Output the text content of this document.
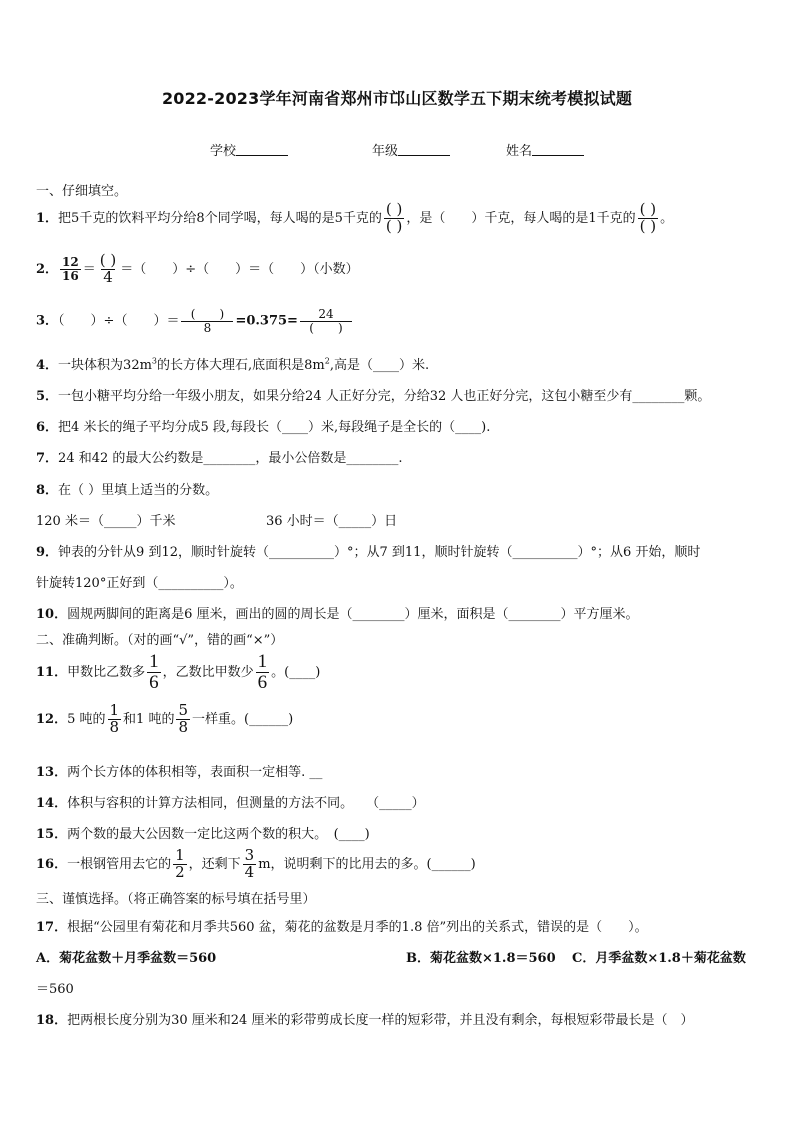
2022-2023学年河南省郑州市邙山区数学五下期末统考模拟试题
学校	年级	姓名
一、仔细填空。
1．把5千克的饮料平均分给8个同学喝，每人喝的是5千克的 $\frac{( )}{( )}$ ，是（　　）千克，每人喝的是1千克的 $\frac{( )}{( )}$ 。
2． $\frac{12}{16} = \frac{( )}{4}$ ＝（　　）÷（　　）＝（　　）（小数）
3．（　　）÷（　　）＝ $\frac{( )}{8} =0.375= \frac{24}{( )}$
4．一块体积为$32m^3$的长方体大理石,底面积是$8m^2$,高是（____）米.
5．一包小糖平均分给一年级小朋友，如果分给24 人正好分完，分给32 人也正好分完，这包小糖至少有________颗。
6．把4 米长的绳子平均分成5 段,每段长（____）米,每段绳子是全长的（____).
7．24 和42 的最大公约数是________，最小公倍数是________.
8．在（ ）里填上适当的分数。
120 米＝（_____）千米	36 小时＝（_____）日
9．钟表的分针从9 到12，顺时针旋转（__________）°；从7 到11，顺时针旋转（__________）°；从6 开始，顺时
针旋转120°正好到（__________）。
10．圆规两脚间的距离是6 厘米，画出的圆的周长是（________）厘米，面积是（________）平方厘米。
二、准确判断。（对的画“√”，错的画“×”）
11．甲数比乙数多 $\frac{1}{6}$ ，乙数比甲数少 $\frac{1}{6}$ 。(____)
12．5 吨的 $\frac{1}{8}$ 和1 吨的 $\frac{5}{8}$ 一样重。(______)
13．两个长方体的体积相等，表面积一定相等. __
14．体积与容积的计算方法相同，但测量的方法不同。　　（_____）
15．两个数的最大公因数一定比这两个数的积大。　(____)
16．一根钢管用去它的 $\frac{1}{2}$ ，还剩下 $\frac{3}{4}$ m，说明剩下的比用去的多。(______)
三、谨慎选择。（将正确答案的标号填在括号里）
17．根据“公园里有菊花和月季共560 盆，菊花的盆数是月季的1.8 倍”列出的关系式，错误的是（　　）。
A．菊花盆数＋月季盆数＝560	B．菊花盆数×1.8＝560 C．月季盆数×1.8＋菊花盆数
＝560
18．把两根长度分别为30 厘米和24 厘米的彩带剪成长度一样的短彩带，并且没有剩余，每根短彩带最长是（　）
